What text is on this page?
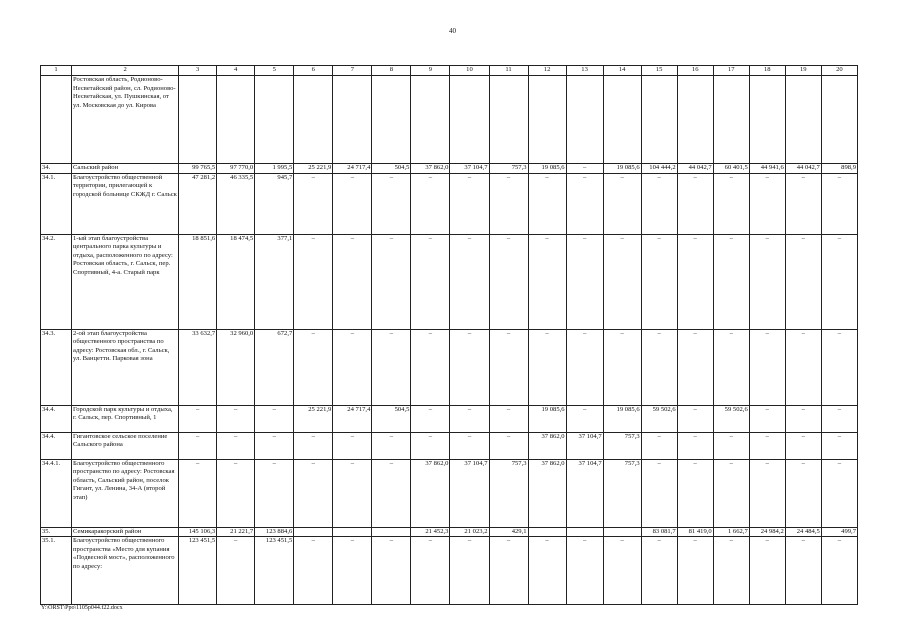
40
1	2	3	4	5	6	7	8	9	10	11	12	13	14	15	16	17	18	19	20
	Ростовская область, Родионово-Несветайский район, сл. Родионово-Несветайская, ул. Пушкинская, от ул. Московская до ул. Кирова																		
34.	Сальский район	99 765,5	97 770,0	1 995,5	25 221,9	24 717,4	504,5	37 862,0	37 104,7	757,3	19 085,6	–	19 085,6	104 444,2	44 042,7	60 401,5	44 941,6	44 042,7	898,9
34.1.	Благоустройство общественной территории, прилегающей к городской больнице СКЖД г. Сальск	47 281,2	46 335,5	945,7	–	–	–	–	–	–	–	–	–	–	–	–	–	–	–
34.2.	1-ый этап благоустройства центрального парка культуры и отдыха, расположенного по адресу: Ростовская область, г. Сальск, пер. Спортивный, 4-а. Старый парк	18 851,6	18 474,5	377,1	–	–	–	–	–	–	–	–	–	–	–	–	–	–	–
34.3.	2-ой этап благоустройства общественного пространства по адресу: Ростовская обл., г. Сальск, ул. Ванцетти. Парковая зона	33 632,7	32 960,0	672,7	–	–	–	–	–	–	–	–	–	–	–	–	–	–	–
34.4.	Городской парк культуры и отдыха, г. Сальск, пер. Спортивный, 1	–	–	–	25 221,9	24 717,4	504,5	–	–	–	19 085,6	–	19 085,6	59 502,6	–	59 502,6	–	–	–
34.4.	Гигантовское сельское поселение Сальского района	–	–	–	–	–	–	–	–	–	37 862,0	37 104,7	757,3	–	–	–	–	–	–
34.4.1.	Благоустройство общественного пространство по адресу: Ростовская область, Сальский район, поселок Гигант, ул. Ленина, 34-А (второй этап)	–	–	–	–	–	–	37 862,0	37 104,7	757,3	37 862,0	37 104,7	757,3	–	–	–	–	–	–
35.	Семикаракорский район	145 106,3	21 221,7	123 884,6				21 452,3	21 023,2	429,1				83 081,7	81 419,0	1 662,7	24 984,2	24 484,5	499,7
35.1.	Благоустройство общественного пространства «Место для купания «Подвесной мост», расположенного по адресу:	123 451,5	–	123 451,5	–	–	–	–	–	–	–	–	–	–	–	–	–	–	–
Y:\ORST\Ppo\1105p044.f22.docx
